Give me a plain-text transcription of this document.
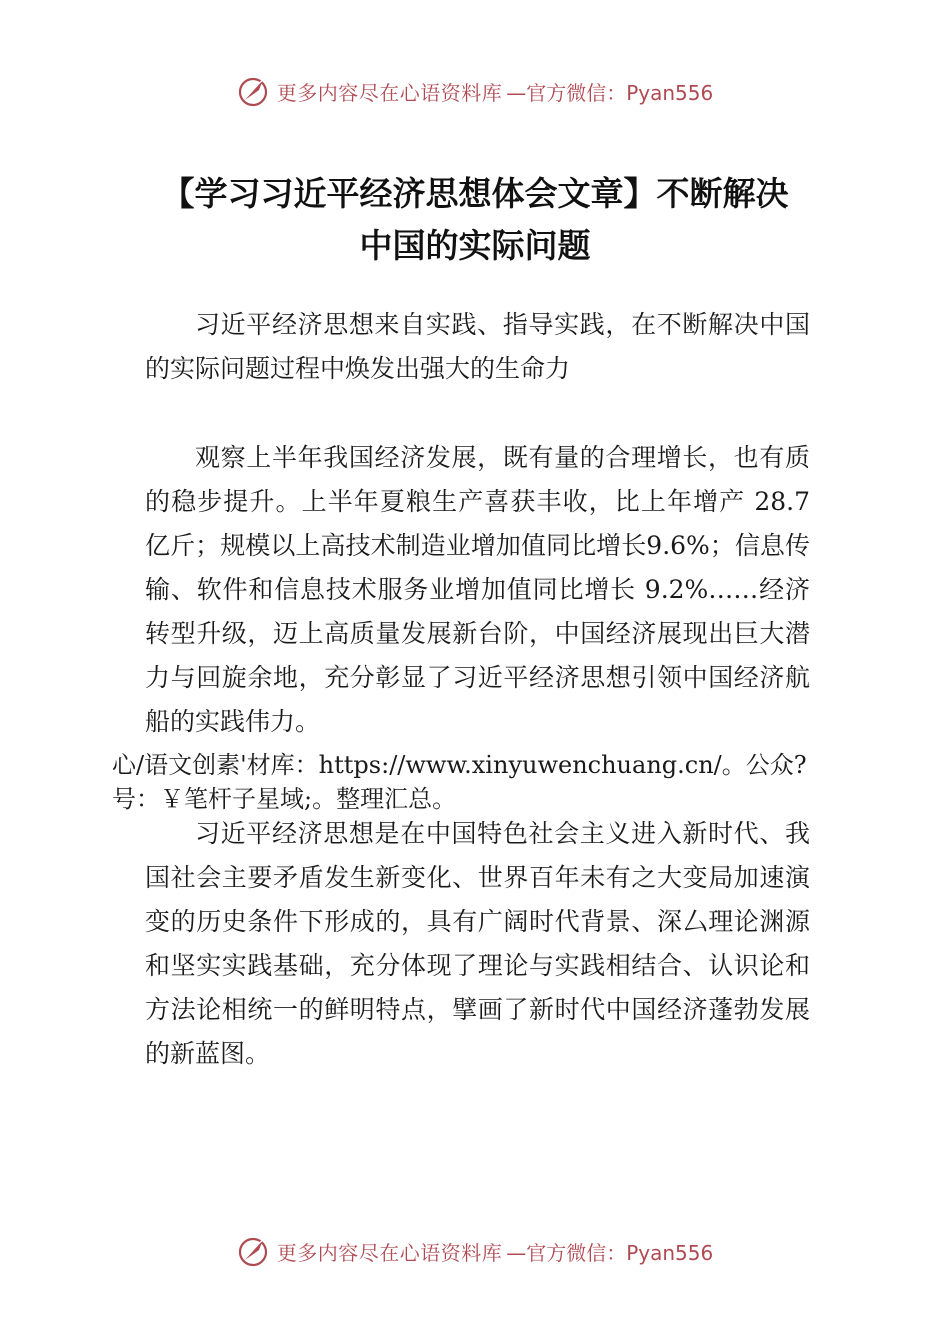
更多内容尽在心语资料库 —官方微信：Pyan556
【学习习近平经济思想体会文章】不断解决
中国的实际问题

习近平经济思想来自实践、指导实践，在不断解决中国的实际问题过程中焕发出强大的生命力

观察上半年我国经济发展，既有量的合理增长，也有质的稳步提升。上半年夏粮生产喜获丰收，比上年增产 28.7 亿斤；规模以上高技术制造业增加值同比增长9.6%；信息传输、软件和信息技术服务业增加值同比增长 9.2%……经济转型升级，迈上高质量发展新台阶，中国经济展现出巨大潜力与回旋余地，充分彰显了习近平经济思想引领中国经济航船的实践伟力。

心/语文创素'材库：https://www.xinyuwenchuang.cn/。公众?号：￥笔杆子星域;。整理汇总。

习近平经济思想是在中国特色社会主义进入新时代、我国社会主要矛盾发生新变化、世界百年未有之大变局加速演变的历史条件下形成的，具有广阔时代背景、深厶理论渊源和坚实实践基础，充分体现了理论与实践相结合、认识论和方法论相统一的鲜明特点，擘画了新时代中国经济蓬勃发展的新蓝图。

更多内容尽在心语资料库 —官方微信：Pyan556
